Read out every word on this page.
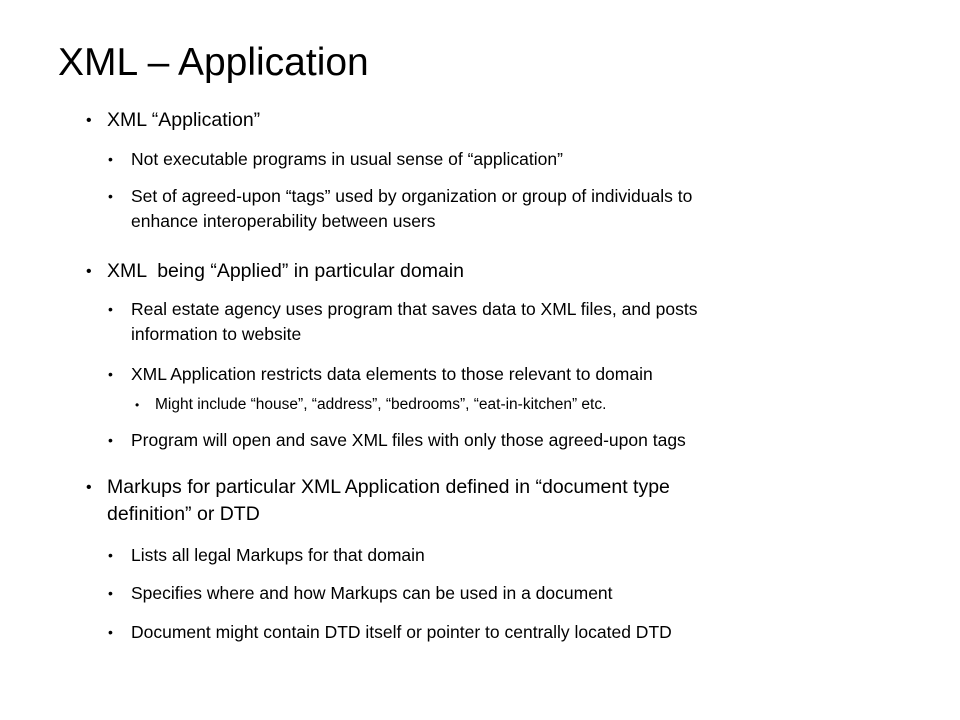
XML – Application
• XML “Application”
• Not executable programs in usual sense of “application”
• Set of agreed-upon “tags” used by organization or group of individuals to
enhance interoperability between users
• XML  being “Applied” in particular domain
• Real estate agency uses program that saves data to XML files, and posts
information to website
• XML Application restricts data elements to those relevant to domain
• Might include “house”, “address”, “bedrooms”, “eat-in-kitchen” etc.
• Program will open and save XML files with only those agreed-upon tags
• Markups for particular XML Application defined in “document type
definition” or DTD
• Lists all legal Markups for that domain
• Specifies where and how Markups can be used in a document
• Document might contain DTD itself or pointer to centrally located DTD
